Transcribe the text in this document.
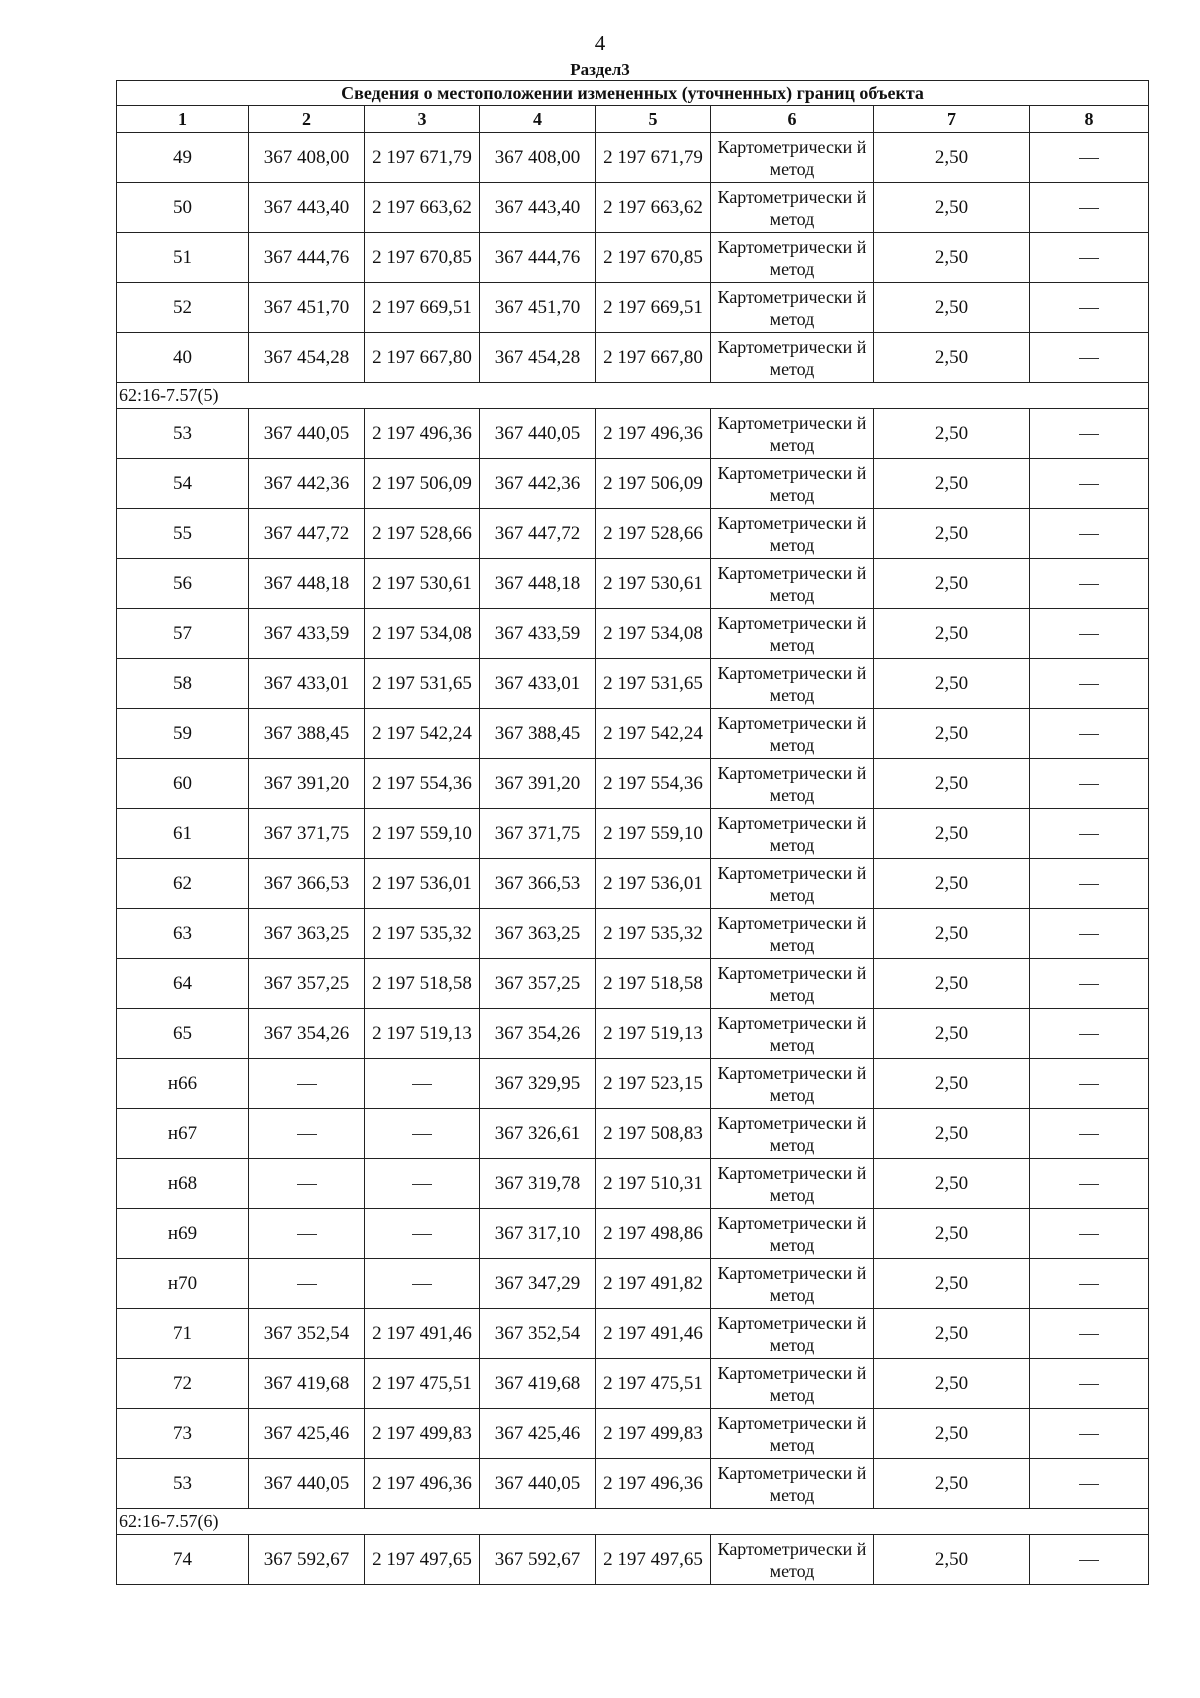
4
Раздел3
Сведения о местоположении измененных (уточненных) границ объекта							
1	2	3	4	5	6	7	8
49	367 408,00	2 197 671,79	367 408,00	2 197 671,79	Картометрически й метод	2,50	
50	367 443,40	2 197 663,62	367 443,40	2 197 663,62	Картометрически й метод	2,50	
51	367 444,76	2 197 670,85	367 444,76	2 197 670,85	Картометрически й метод	2,50	
52	367 451,70	2 197 669,51	367 451,70	2 197 669,51	Картометрически й метод	2,50	
40	367 454,28	2 197 667,80	367 454,28	2 197 667,80	Картометрически й метод	2,50	
62:16-7.57(5)							
53	367 440,05	2 197 496,36	367 440,05	2 197 496,36	Картометрически й метод	2,50	
54	367 442,36	2 197 506,09	367 442,36	2 197 506,09	Картометрически й метод	2,50	
55	367 447,72	2 197 528,66	367 447,72	2 197 528,66	Картометрически й метод	2,50	
56	367 448,18	2 197 530,61	367 448,18	2 197 530,61	Картометрически й метод	2,50	
57	367 433,59	2 197 534,08	367 433,59	2 197 534,08	Картометрически й метод	2,50	
58	367 433,01	2 197 531,65	367 433,01	2 197 531,65	Картометрически й метод	2,50	
59	367 388,45	2 197 542,24	367 388,45	2 197 542,24	Картометрически й метод	2,50	
60	367 391,20	2 197 554,36	367 391,20	2 197 554,36	Картометрически й метод	2,50	
61	367 371,75	2 197 559,10	367 371,75	2 197 559,10	Картометрически й метод	2,50	
62	367 366,53	2 197 536,01	367 366,53	2 197 536,01	Картометрически й метод	2,50	
63	367 363,25	2 197 535,32	367 363,25	2 197 535,32	Картометрически й метод	2,50	
64	367 357,25	2 197 518,58	367 357,25	2 197 518,58	Картометрически й метод	2,50	
65	367 354,26	2 197 519,13	367 354,26	2 197 519,13	Картометрически й метод	2,50	
н66			367 329,95	2 197 523,15	Картометрически й метод	2,50	
н67			367 326,61	2 197 508,83	Картометрически й метод	2,50	
н68			367 319,78	2 197 510,31	Картометрически й метод	2,50	
н69			367 317,10	2 197 498,86	Картометрически й метод	2,50	
н70			367 347,29	2 197 491,82	Картометрически й метод	2,50	
71	367 352,54	2 197 491,46	367 352,54	2 197 491,46	Картометрически й метод	2,50	
72	367 419,68	2 197 475,51	367 419,68	2 197 475,51	Картометрически й метод	2,50	
73	367 425,46	2 197 499,83	367 425,46	2 197 499,83	Картометрически й метод	2,50	
53	367 440,05	2 197 496,36	367 440,05	2 197 496,36	Картометрически й метод	2,50	
62:16-7.57(6)							
74	367 592,67	2 197 497,65	367 592,67	2 197 497,65	Картометрически й метод	2,50	
